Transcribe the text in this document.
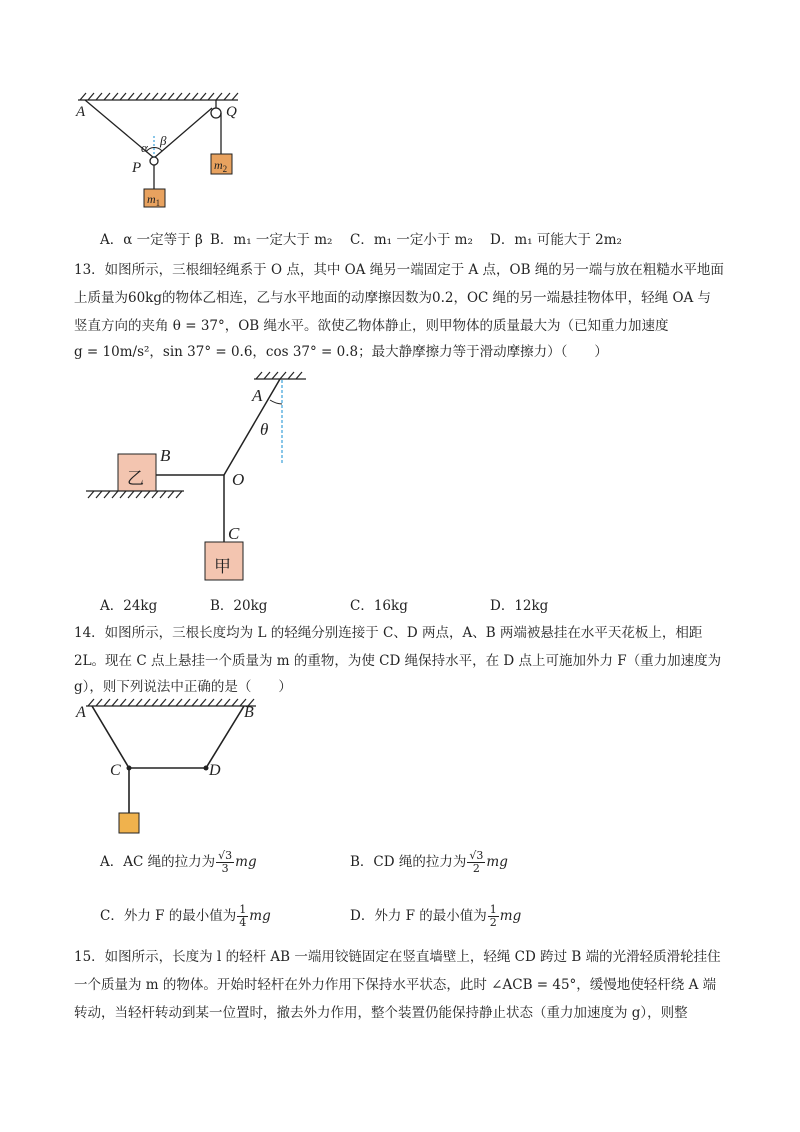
A	Q
P
α β
$m_1$
$m_2$
A．α 一定等于 β B．m₁ 一定大于 m₂ C．m₁ 一定小于 m₂ D．m₁ 可能大于 2m₂
13．如图所示，三根细轻绳系于 O 点，其中 OA 绳另一端固定于 A 点，OB 绳的另一端与放在粗糙水平地面
上质量为60kg的物体乙相连，乙与水平地面的动摩擦因数为0.2，OC 绳的另一端悬挂物体甲，轻绳 OA 与
竖直方向的夹角 θ = 37°，OB 绳水平。欲使乙物体静止，则甲物体的质量最大为（已知重力加速度
g = 10m/s²，sin 37° = 0.6，cos 37° = 0.8；最大静摩擦力等于滑动摩擦力）（　　）
A
θ
B
O
C
乙
甲
A．24kg	B．20kg	C．16kg	D．12kg
14．如图所示，三根长度均为 L 的轻绳分别连接于 C、D 两点，A、B 两端被悬挂在水平天花板上，相距
2L。现在 C 点上悬挂一个质量为 m 的重物，为使 CD 绳保持水平，在 D 点上可施加外力 F（重力加速度为
g），则下列说法中正确的是（　　）
A	B
C	D
A．AC 绳的拉力为 $\frac{√3}{3}$ mg	B．CD 绳的拉力为 $\frac{√3}{2}$ mg
C．外力 F 的最小值为 $\frac{1}{4}$ mg	D．外力 F 的最小值为 $\frac{1}{2}$ mg
15．如图所示，长度为 l 的轻杆 AB 一端用铰链固定在竖直墙壁上，轻绳 CD 跨过 B 端的光滑轻质滑轮挂住
一个质量为 m 的物体。开始时轻杆在外力作用下保持水平状态，此时 ∠ACB = 45°，缓慢地使轻杆绕 A 端
转动，当轻杆转动到某一位置时，撤去外力作用，整个装置仍能保持静止状态（重力加速度为 g），则整
